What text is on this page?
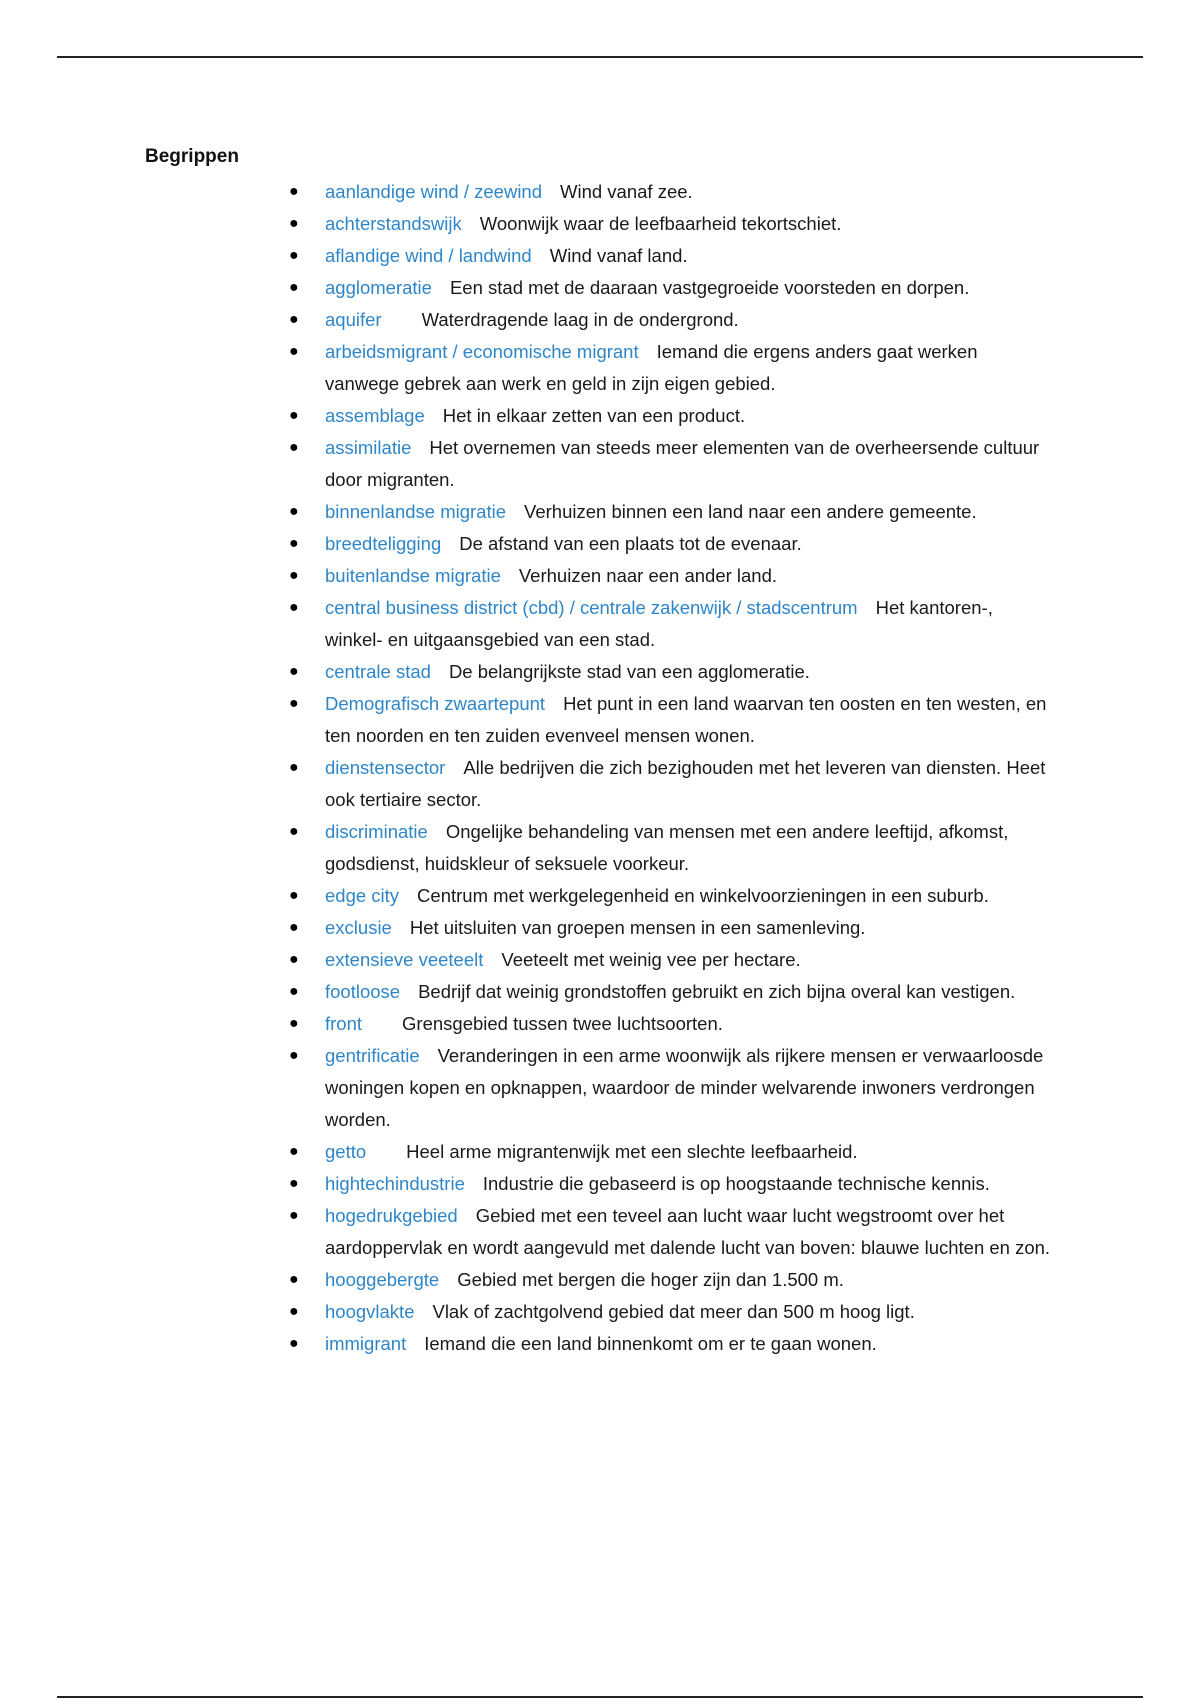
Begrippen
● aanlandige wind / zeewind Wind vanaf zee.
● achterstandswijk Woonwijk waar de leefbaarheid tekortschiet.
● aflandige wind / landwind Wind vanaf land.
● agglomeratie Een stad met de daaraan vastgegroeide voorsteden en dorpen.
● aquifer Waterdragende laag in de ondergrond.
● arbeidsmigrant / economische migrant Iemand die ergens anders gaat werken vanwege gebrek aan werk en geld in zijn eigen gebied.
● assemblage Het in elkaar zetten van een product.
● assimilatie Het overnemen van steeds meer elementen van de overheersende cultuur door migranten.
● binnenlandse migratie Verhuizen binnen een land naar een andere gemeente.
● breedteligging De afstand van een plaats tot de evenaar.
● buitenlandse migratie Verhuizen naar een ander land.
● central business district (cbd) / centrale zakenwijk / stadscentrum Het kantoren-, winkel- en uitgaansgebied van een stad.
● centrale stad De belangrijkste stad van een agglomeratie.
● Demografisch zwaartepunt Het punt in een land waarvan ten oosten en ten westen, en ten noorden en ten zuiden evenveel mensen wonen.
● dienstensector Alle bedrijven die zich bezighouden met het leveren van diensten. Heet ook tertiaire sector.
● discriminatie Ongelijke behandeling van mensen met een andere leeftijd, afkomst, godsdienst, huidskleur of seksuele voorkeur.
● edge city Centrum met werkgelegenheid en winkelvoorzieningen in een suburb.
● exclusie Het uitsluiten van groepen mensen in een samenleving.
● extensieve veeteelt Veeteelt met weinig vee per hectare.
● footloose Bedrijf dat weinig grondstoffen gebruikt en zich bijna overal kan vestigen.
● front Grensgebied tussen twee luchtsoorten.
● gentrificatie Veranderingen in een arme woonwijk als rijkere mensen er verwaarloosde woningen kopen en opknappen, waardoor de minder welvarende inwoners verdrongen worden.
● getto Heel arme migrantenwijk met een slechte leefbaarheid.
● hightechindustrie Industrie die gebaseerd is op hoogstaande technische kennis.
● hogedrukgebied Gebied met een teveel aan lucht waar lucht wegstroomt over het aardoppervlak en wordt aangevuld met dalende lucht van boven: blauwe luchten en zon.
● hooggebergte Gebied met bergen die hoger zijn dan 1.500 m.
● hoogvlakte Vlak of zachtgolvend gebied dat meer dan 500 m hoog ligt.
● immigrant Iemand die een land binnenkomt om er te gaan wonen.
